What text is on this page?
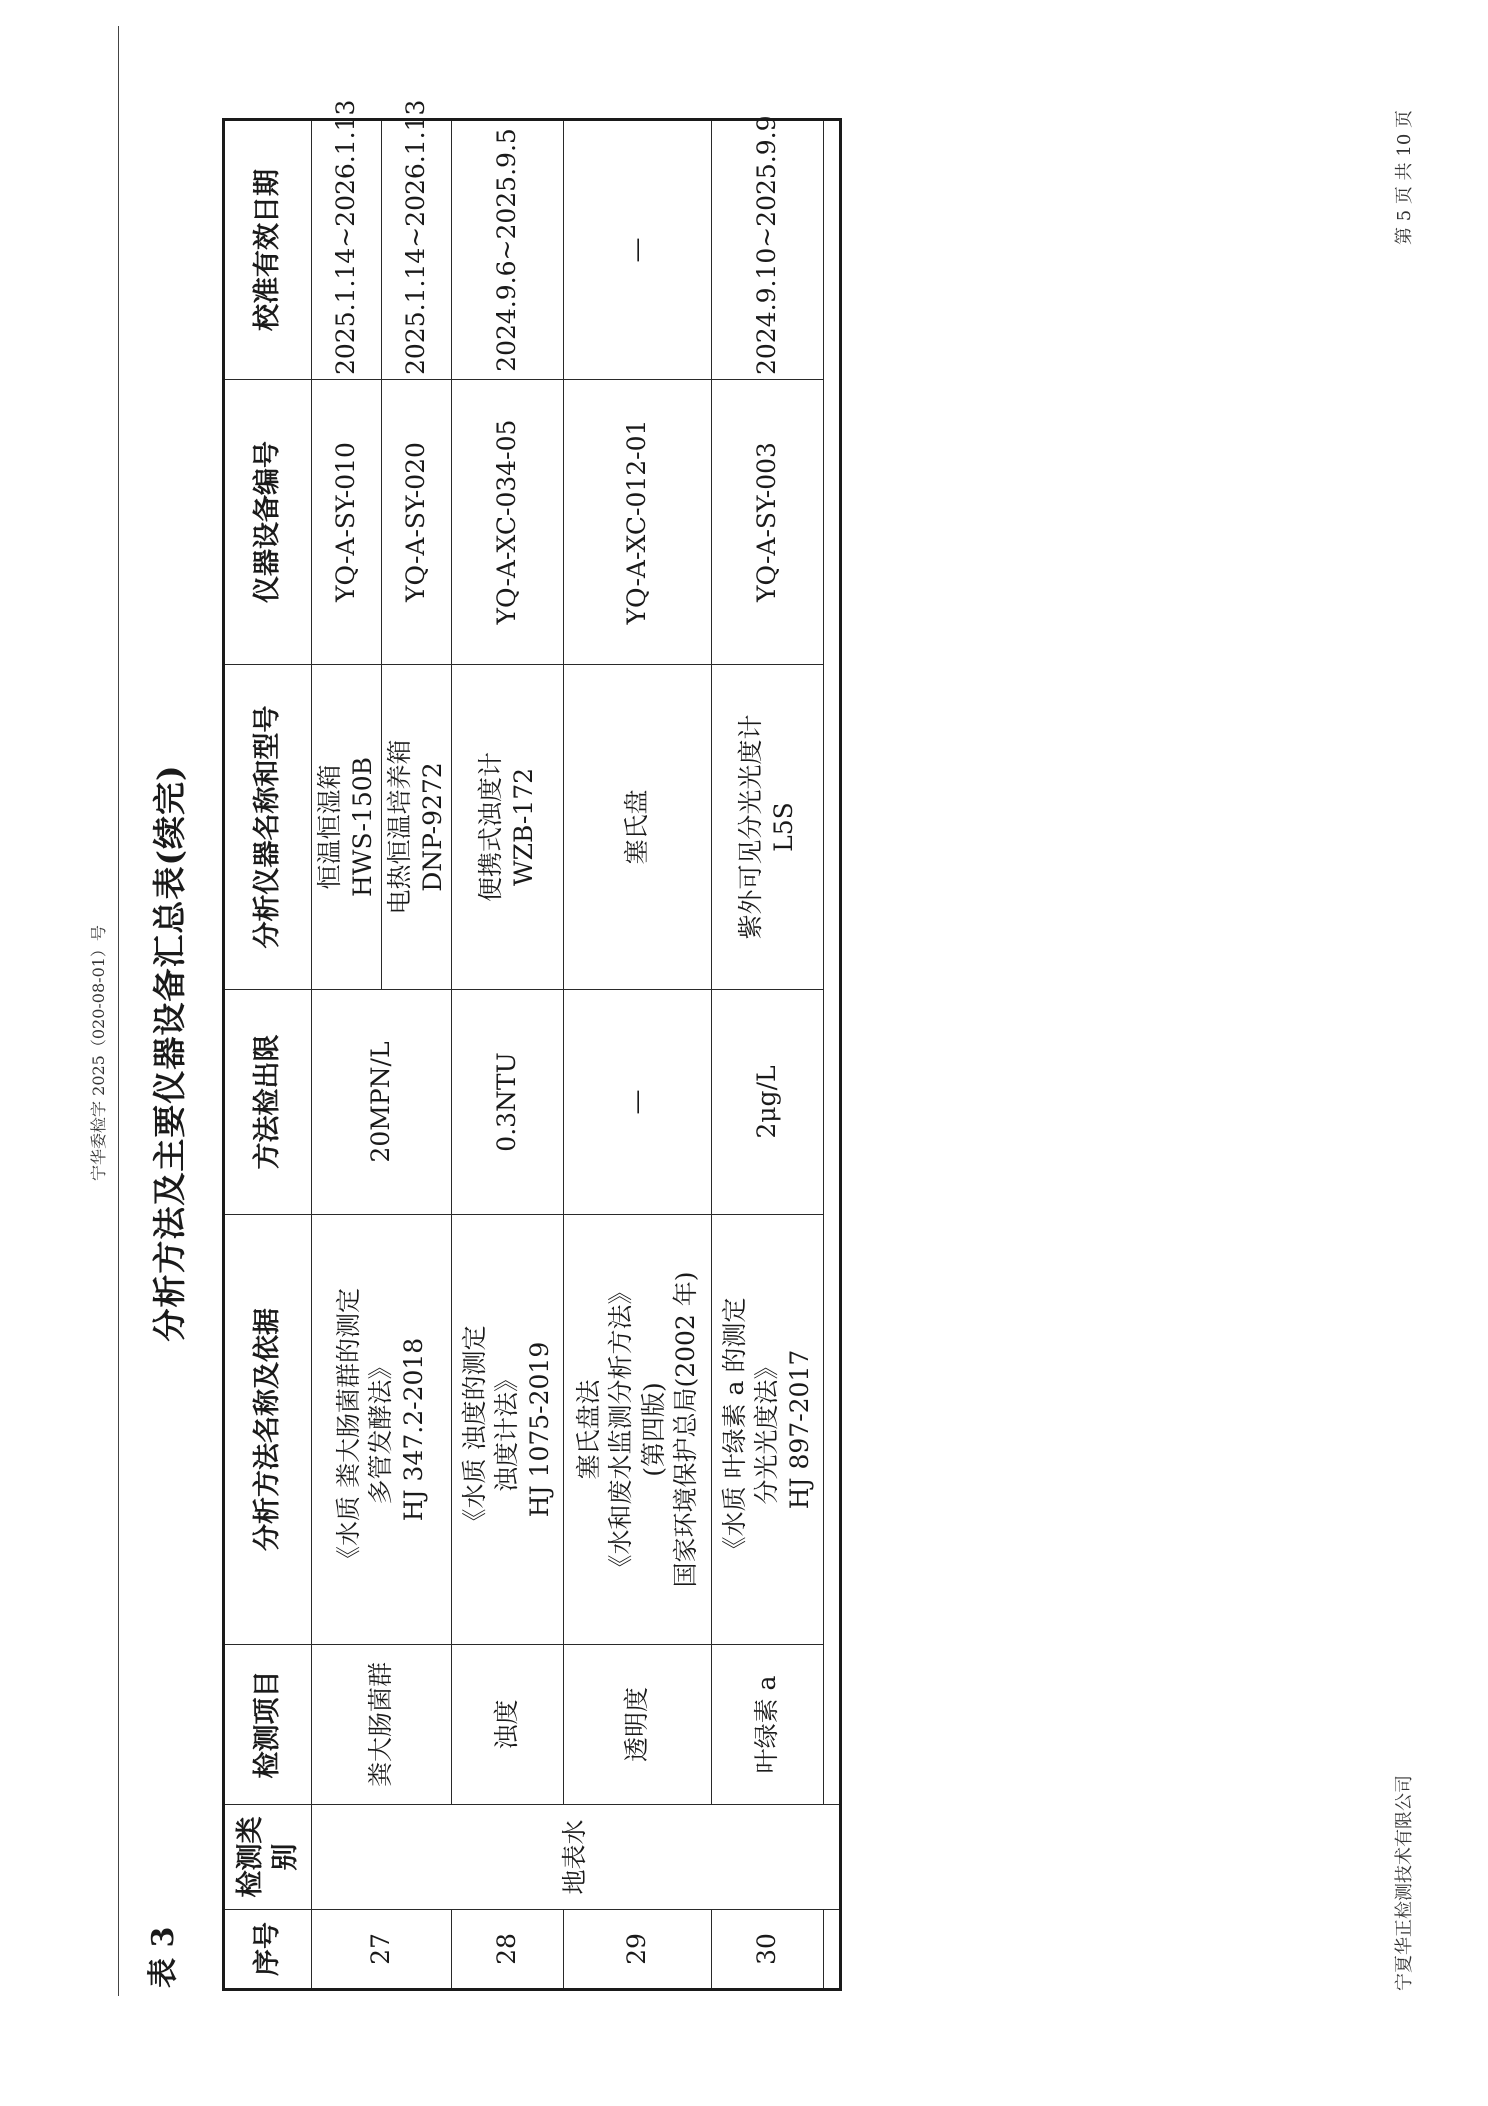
宁华委检字 2025（020-08-01）号
表 3
分析方法及主要仪器设备汇总表(续完)
序号	检测类别	检测项目	分析方法名称及依据	方法检出限	分析仪器名称和型号	仪器设备编号	校准有效日期
27	地表水	粪大肠菌群	《水质 粪大肠菌群的测定 多管发酵法》 HJ 347.2-2018	20MPN/L	恒温恒湿箱 HWS-150B	YQ-A-SY-010	2025.1.14~2026.1.13

					电热恒温培养箱 DNP-9272	YQ-A-SY-020	2025.1.14~2026.1.13
28		浊度	《水质 浊度的测定 浊度计法》 HJ 1075-2019	0.3NTU	便携式浊度计 WZB-172	YQ-A-XC-034-05	2024.9.6~2025.9.5
29		透明度	塞氏盘法 《水和废水监测分析方法》 (第四版) 国家环境保护总局(2002 年)	—	塞氏盘	YQ-A-XC-012-01	—
30		叶绿素 a	《水质 叶绿素 a 的测定 分光光度法》 HJ 897-2017	2μg/L	紫外可见分光光度计 L5S	YQ-A-SY-003	2024.9.10~2025.9.9

宁夏华正检测技术有限公司
第 5 页 共 10 页
